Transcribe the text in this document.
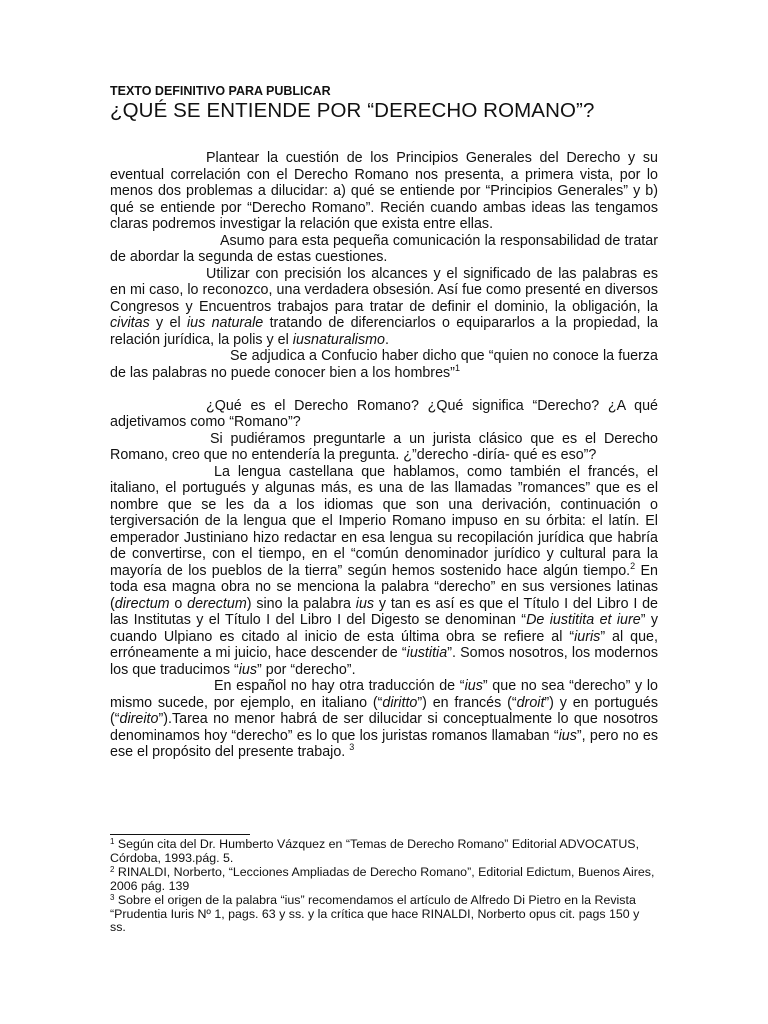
TEXTO DEFINITIVO PARA PUBLICAR
¿QUÉ SE ENTIENDE POR “DERECHO ROMANO”?

Plantear la cuestión de los Principios Generales del Derecho y su eventual correlación con el Derecho Romano nos presenta, a primera vista, por lo menos dos problemas a dilucidar: a) qué se entiende por “Principios Generales” y b) qué se entiende por “Derecho Romano”. Recién cuando ambas ideas las tengamos claras podremos investigar la relación que exista entre ellas.

Asumo para esta pequeña comunicación la responsabilidad de tratar de abordar la segunda de estas cuestiones.

Utilizar con precisión los alcances y el significado de las palabras es en mi caso, lo reconozco, una verdadera obsesión. Así fue como presenté en diversos Congresos y Encuentros trabajos para tratar de definir el dominio, la obligación, la civitas y el ius naturale tratando de diferenciarlos o equipararlos a la propiedad, la relación jurídica, la polis y el iusnaturalismo.

Se adjudica a Confucio haber dicho que “quien no conoce la fuerza de las palabras no puede conocer bien a los hombres”$^1$

¿Qué es el Derecho Romano? ¿Qué significa “Derecho? ¿A qué adjetivamos como “Romano”?

Si pudiéramos preguntarle a un jurista clásico que es el Derecho Romano, creo que no entendería la pregunta. ¿”derecho -diría- qué es eso”?

La lengua castellana que hablamos, como también el francés, el italiano, el portugués y algunas más, es una de las llamadas ”romances” que es el nombre que se les da a los idiomas que son una derivación, continuación o tergiversación de la lengua que el Imperio Romano impuso en su órbita: el latín. El emperador Justiniano hizo redactar en esa lengua su recopilación jurídica que habría de convertirse, con el tiempo, en el “común denominador jurídico y cultural para la mayoría de los pueblos de la tierra” según hemos sostenido hace algún tiempo.$^2$ En toda esa magna obra no se menciona la palabra “derecho” en sus versiones latinas (directum o derectum) sino la palabra ius y tan es así es que el Título I del Libro I de las Institutas y el Título I del Libro I del Digesto se denominan “De iustitita et iure” y cuando Ulpiano es citado al inicio de esta última obra se refiere al “iuris” al que, erróneamente a mi juicio, hace descender de “iustitia”. Somos nosotros, los modernos los que traducimos “ius” por “derecho”.

En español no hay otra traducción de “ius” que no sea “derecho” y lo mismo sucede, por ejemplo, en italiano (“diritto”) en francés (“droit”) y en portugués (“direito”).Tarea no menor habrá de ser dilucidar si conceptualmente lo que nosotros denominamos hoy “derecho” es lo que los juristas romanos llamaban “ius”, pero no es ese el propósito del presente trabajo. $^3$

$^1$ Según cita del Dr. Humberto Vázquez en “Temas de Derecho Romano” Editorial ADVOCATUS, Córdoba, 1993.pág. 5.
$^2$ RINALDI, Norberto, “Lecciones Ampliadas de Derecho Romano”, Editorial Edictum, Buenos Aires, 2006 pág. 139
$^3$ Sobre el origen de la palabra “ius” recomendamos el artículo de Alfredo Di Pietro en la Revista “Prudentia Iuris Nº 1, pags. 63 y ss. y la crítica que hace RINALDI, Norberto opus cit. pags 150 y ss.
